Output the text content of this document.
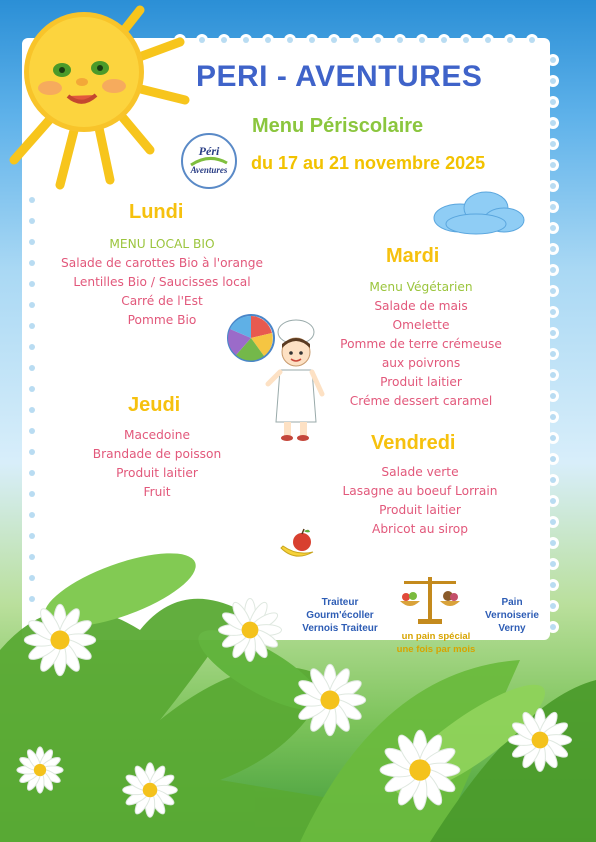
PERI - AVENTURES
Péri
Aventures
Menu Périscolaire
du 17 au 21 novembre 2025
Lundi
MENU LOCAL BIO
Salade de carottes Bio à l'orange
Lentilles Bio / Saucisses local
Carré de l'Est
Pomme Bio
Mardi
Menu Végétarien
Salade de mais
Omelette
Pomme de terre crémeuse
aux poivrons
Produit laitier
Créme dessert caramel
Jeudi
Macedoine
Brandade de poisson
Produit laitier
Fruit
Vendredi
Salade verte
Lasagne au boeuf Lorrain
Produit laitier
Abricot au sirop
Traiteur
Gourm'écoller
Vernois Traiteur
un pain spécial
une fois par mois
Pain
Vernoiserie
Verny
